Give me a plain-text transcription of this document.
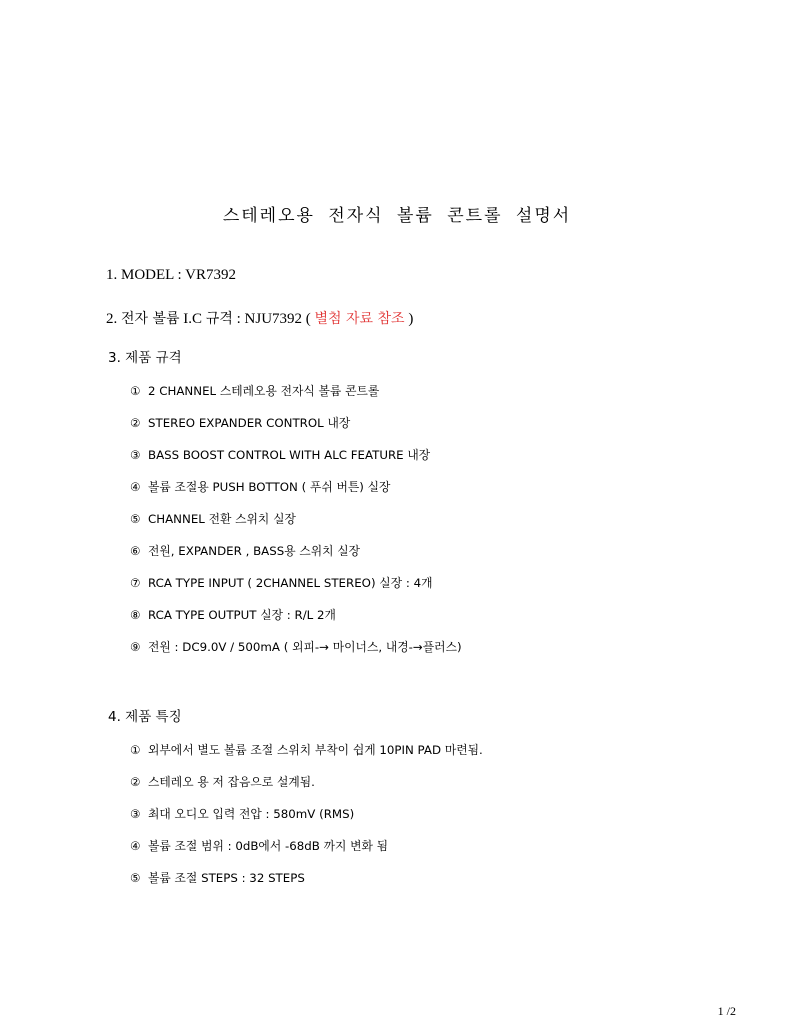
스테레오용 전자식 볼륨 콘트롤 설명서
1. MODEL : VR7392
2. 전자 볼륨 I.C 규격 : NJU7392 ( 별첨 자료 참조 )
3. 제품 규격
① 2 CHANNEL 스테레오용 전자식 볼륨 콘트롤
② STEREO EXPANDER CONTROL 내장
③ BASS BOOST CONTROL WITH ALC FEATURE 내장
④ 볼륨 조절용 PUSH BOTTON ( 푸쉬 버튼) 실장
⑤ CHANNEL 전환 스위치 실장
⑥ 전원, EXPANDER , BASS용 스위치 실장
⑦ RCA TYPE INPUT ( 2CHANNEL STEREO) 실장 : 4개
⑧ RCA TYPE OUTPUT 실장 : R/L 2개
⑨ 전원 : DC9.0V / 500mA ( 외피-→ 마이너스, 내경-→플러스)
4. 제품 특징
① 외부에서 별도 볼륨 조절 스위치 부착이 쉽게 10PIN PAD 마련됨.
② 스테레오 용 저 잡음으로 설계됨.
③ 최대 오디오 입력 전압 : 580mV (RMS)
④ 볼륨 조절 범위 : 0dB에서 -68dB 까지 변화 됨
⑤ 볼륨 조절 STEPS : 32 STEPS
1 /2
